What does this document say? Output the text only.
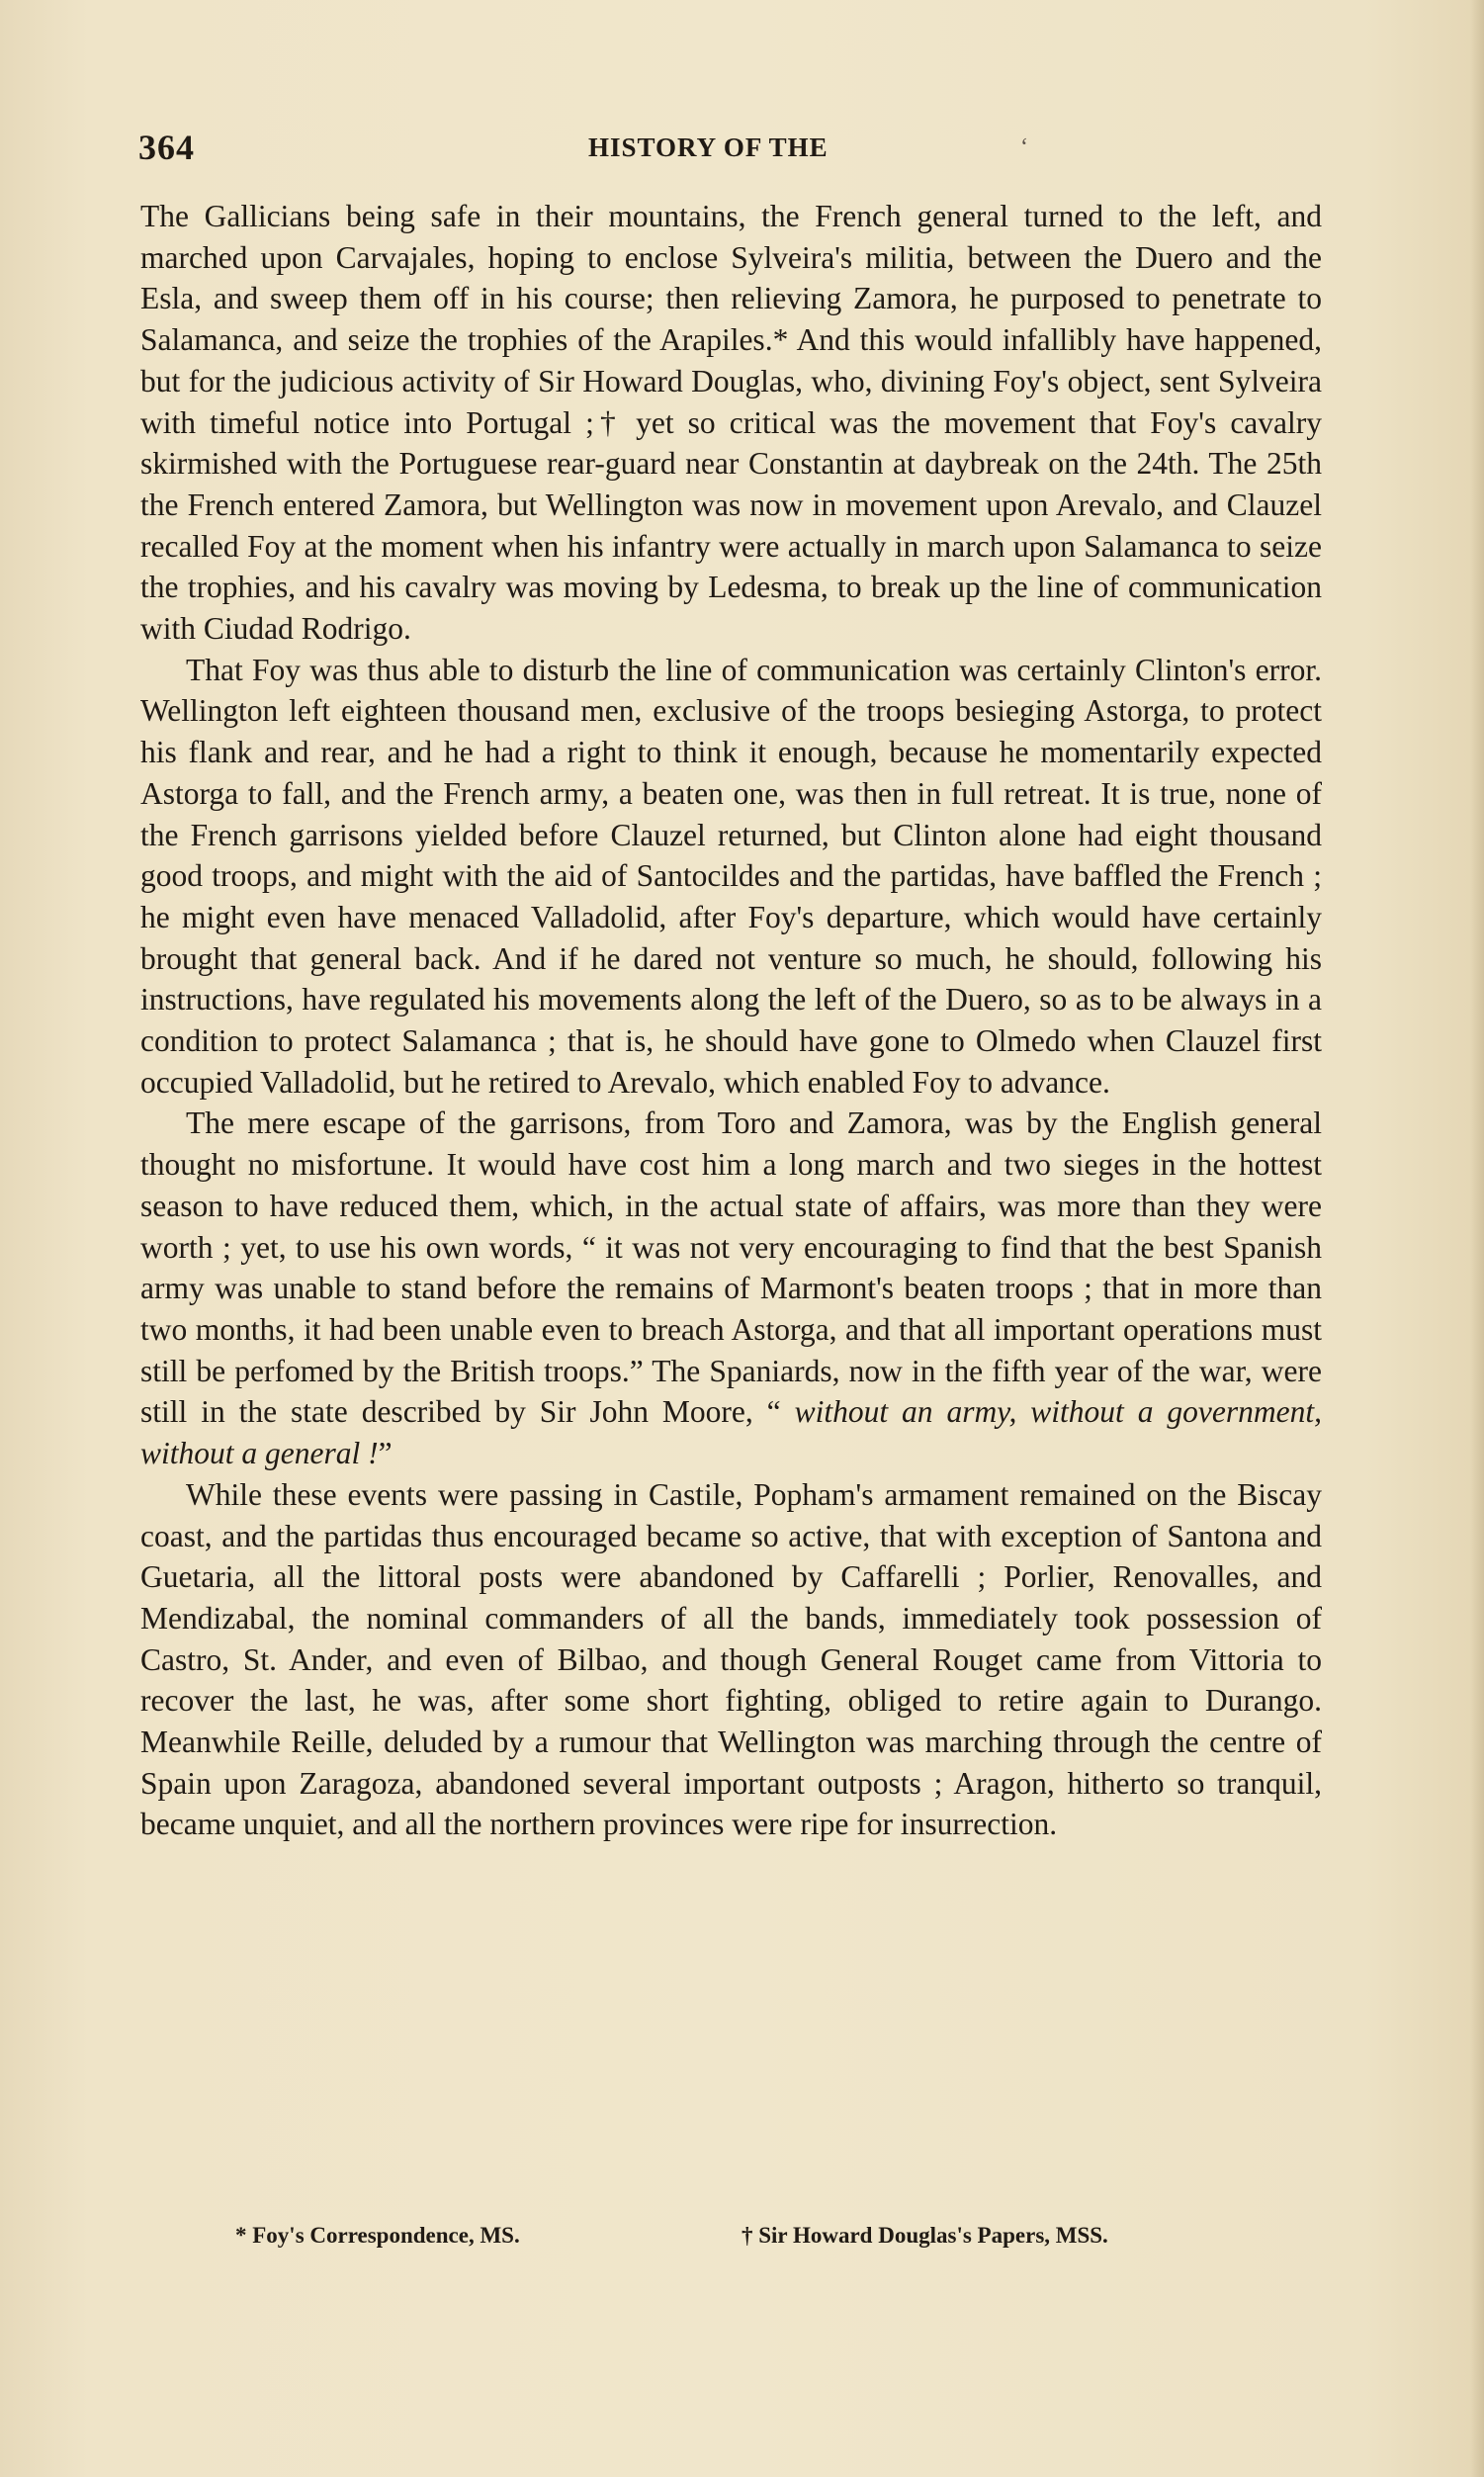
364	HISTORY OF THE	ʻ

The Gallicians being safe in their mountains, the French general turned to the left, and marched upon Carvajales, hoping to enclose Sylveira's militia, between the Duero and the Esla, and sweep them off in his course; then relieving Zamora, he purposed to penetrate to Salamanca, and seize the trophies of the Arapiles.* And this would infallibly have happened, but for the judicious activity of Sir Howard Douglas, who, divining Foy's object, sent Sylveira with timeful notice into Portugal ;† yet so critical was the movement that Foy's cavalry skirmished with the Portuguese rear-guard near Constantin at daybreak on the 24th. The 25th the French entered Zamora, but Wellington was now in movement upon Arevalo, and Clauzel recalled Foy at the moment when his infantry were actually in march upon Salamanca to seize the trophies, and his cavalry was moving by Ledesma, to break up the line of communication with Ciudad Rodrigo.

That Foy was thus able to disturb the line of communication was certainly Clinton's error. Wellington left eighteen thousand men, exclusive of the troops besieging Astorga, to protect his flank and rear, and he had a right to think it enough, because he momentarily expected Astorga to fall, and the French army, a beaten one, was then in full retreat. It is true, none of the French garrisons yielded before Clauzel returned, but Clinton alone had eight thousand good troops, and might with the aid of Santocildes and the partidas, have baffled the French ; he might even have menaced Valladolid, after Foy's departure, which would have certainly brought that general back. And if he dared not venture so much, he should, following his instructions, have regulated his movements along the left of the Duero, so as to be always in a condition to protect Salamanca ; that is, he should have gone to Olmedo when Clauzel first occupied Valladolid, but he retired to Arevalo, which enabled Foy to advance.

The mere escape of the garrisons, from Toro and Zamora, was by the English general thought no misfortune. It would have cost him a long march and two sieges in the hottest season to have reduced them, which, in the actual state of affairs, was more than they were worth ; yet, to use his own words, “ it was not very encouraging to find that the best Spanish army was unable to stand before the remains of Marmont's beaten troops ; that in more than two months, it had been unable even to breach Astorga, and that all important operations must still be perfomed by the British troops.” The Spaniards, now in the fifth year of the war, were still in the state described by Sir John Moore, “ without an army, without a government, without a general !”

While these events were passing in Castile, Popham's armament remained on the Biscay coast, and the partidas thus encouraged became so active, that with exception of Santona and Guetaria, all the littoral posts were abandoned by Caffarelli ; Porlier, Renovalles, and Mendizabal, the nominal commanders of all the bands, immediately took possession of Castro, St. Ander, and even of Bilbao, and though General Rouget came from Vittoria to recover the last, he was, after some short fighting, obliged to retire again to Durango. Meanwhile Reille, deluded by a rumour that Wellington was marching through the centre of Spain upon Zaragoza, abandoned several important outposts ; Aragon, hitherto so tranquil, became unquiet, and all the northern provinces were ripe for insurrection.

* Foy's Correspondence, MS.	† Sir Howard Douglas's Papers, MSS.
